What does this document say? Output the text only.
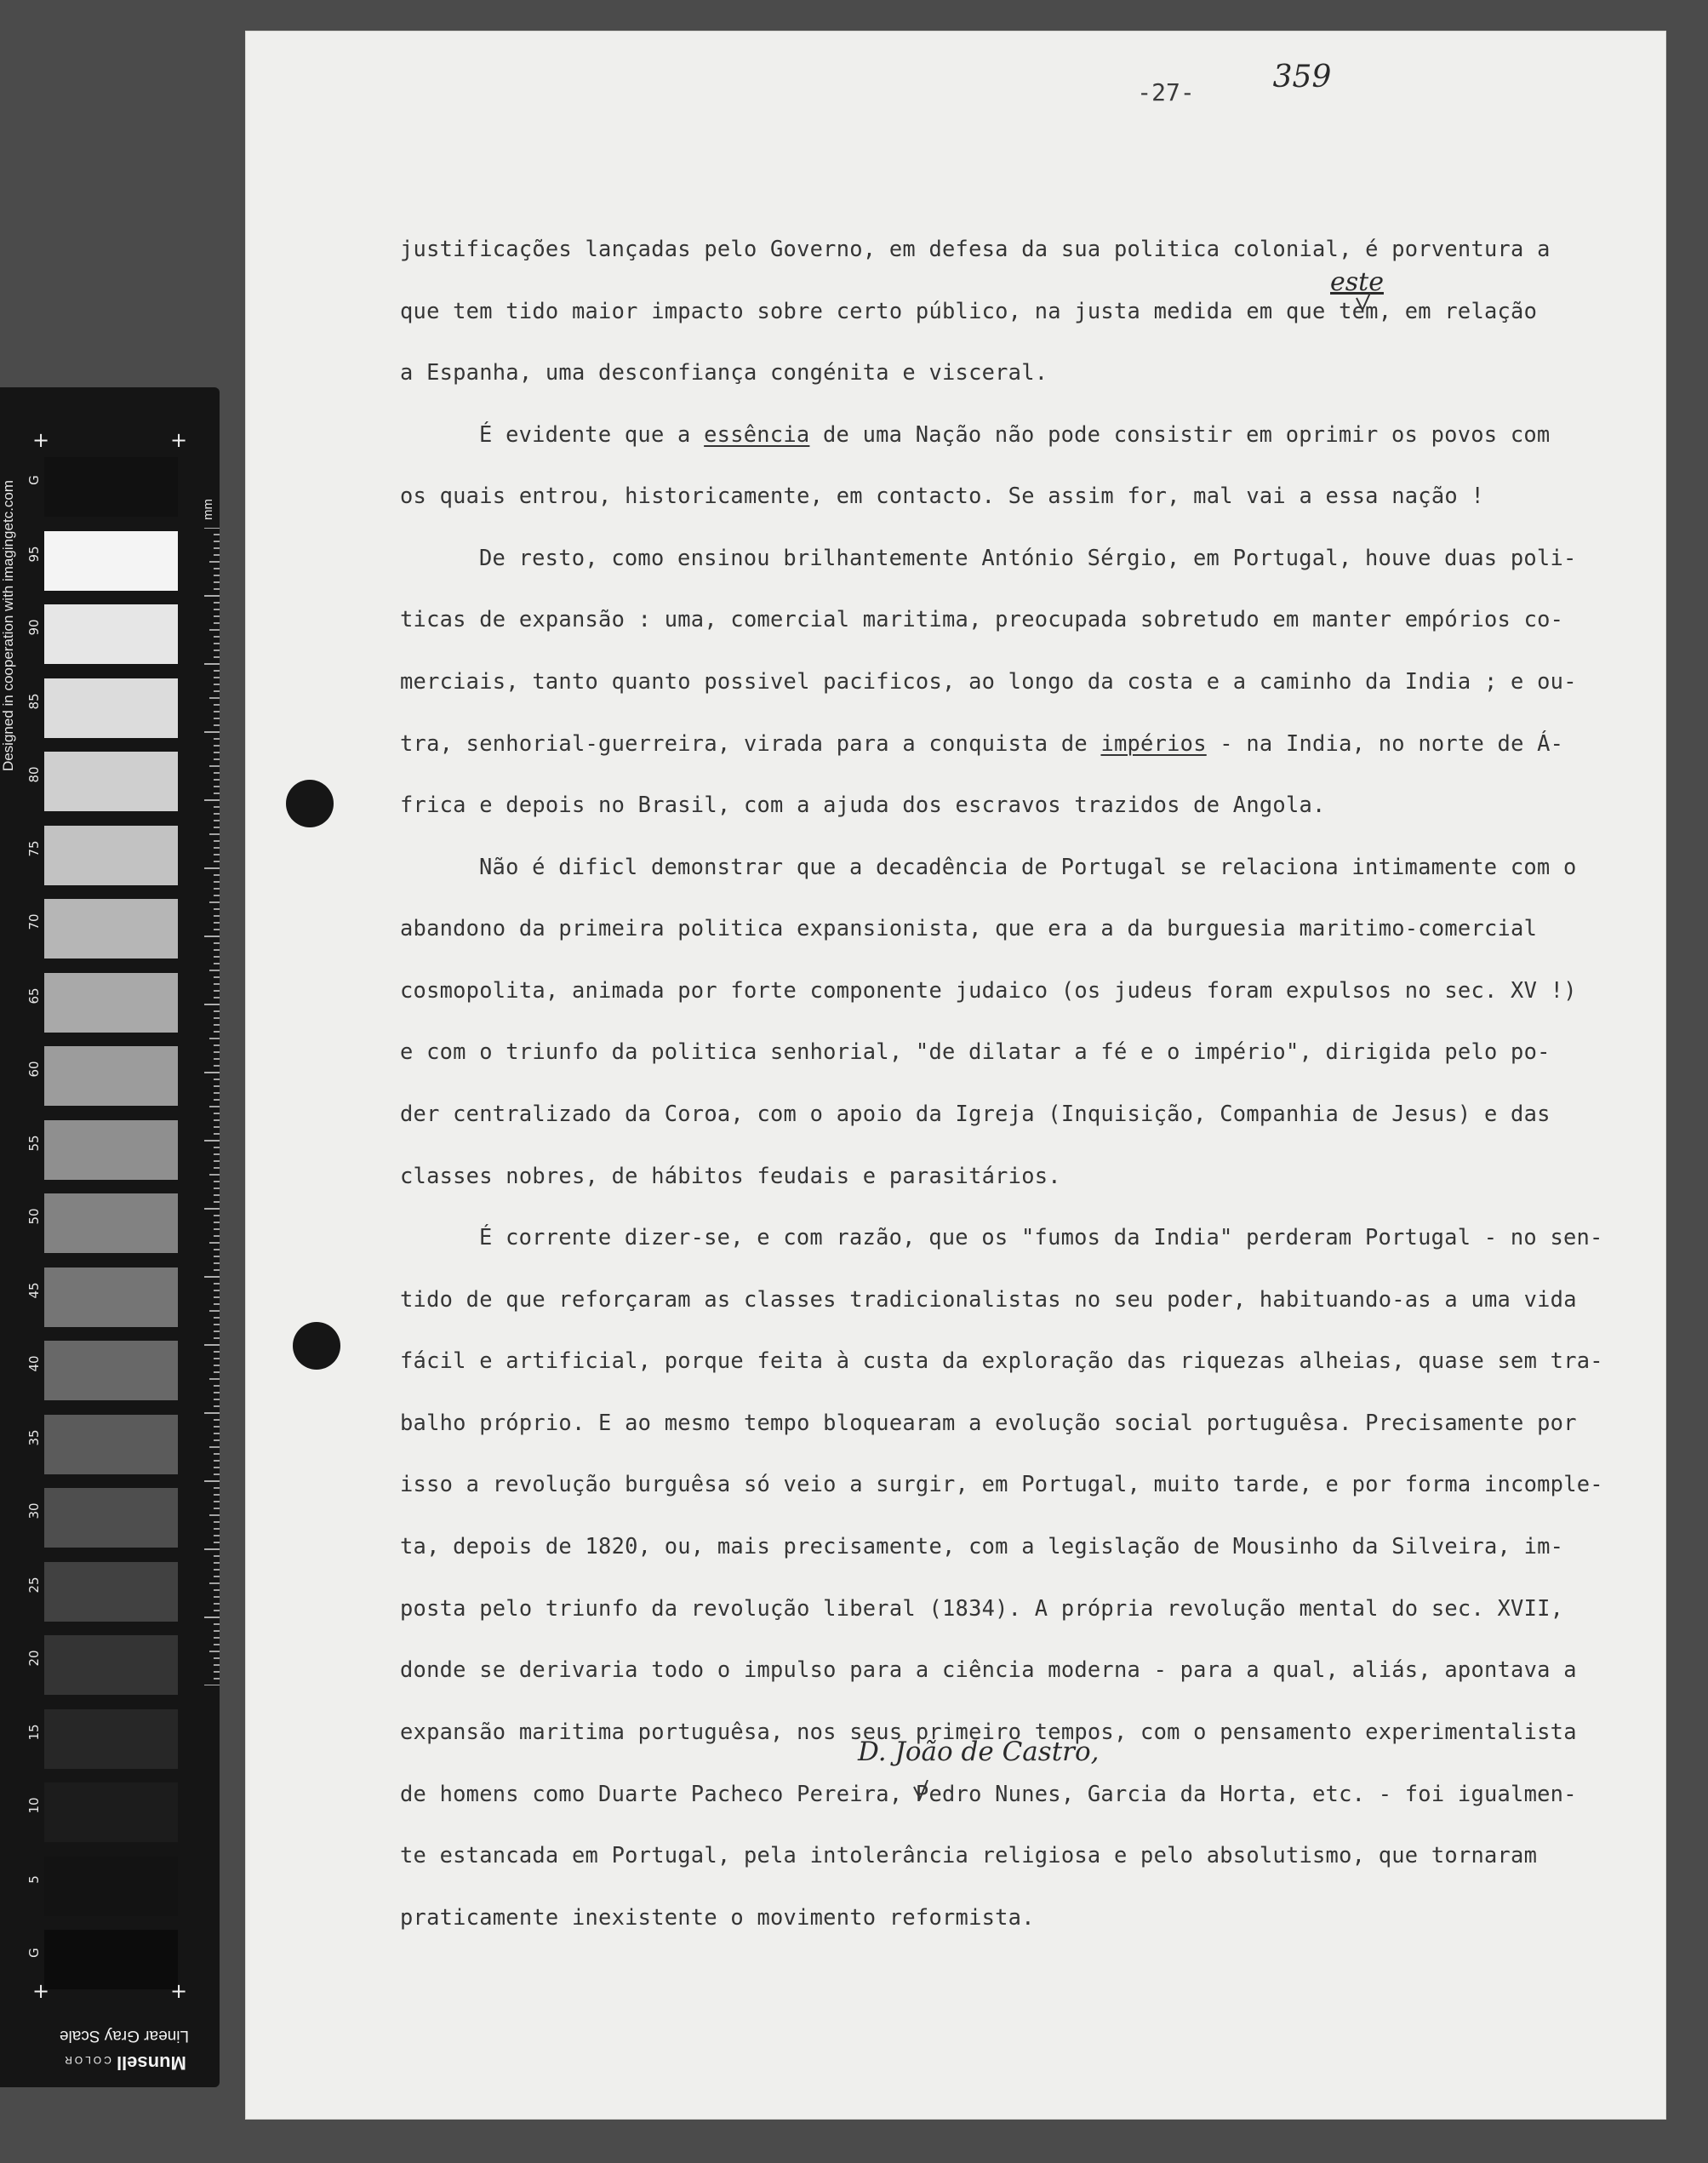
+	+
+	+
Linear Gray Scale
Munsell COLOR
G
95
90
85
80
75
70
65
60
55
50
45
40
35
30
25
20
15
10
5
G
Designed in cooperation with imagingetc.com	mm
-27-	359
justificações lançadas pelo Governo, em defesa da sua politica colonial, é porventura a
que tem tido maior impacto sobre certo público, na justa medida em que tem, em relação
a Espanha, uma desconfiança congénita e visceral.
É evidente que a essência de uma Nação não pode consistir em oprimir os povos com
os quais entrou, historicamente, em contacto. Se assim for, mal vai a essa nação !
De resto, como ensinou brilhantemente António Sérgio, em Portugal, houve duas poli-
ticas de expansão : uma, comercial maritima, preocupada sobretudo em manter empórios co-
merciais, tanto quanto possivel pacificos, ao longo da costa e a caminho da India ; e ou-
tra, senhorial-guerreira, virada para a conquista de impérios - na India, no norte de Á-
frica e depois no Brasil, com a ajuda dos escravos trazidos de Angola.
Não é dificl demonstrar que a decadência de Portugal se relaciona intimamente com o
abandono da primeira politica expansionista, que era a da burguesia maritimo-comercial
cosmopolita, animada por forte componente judaico (os judeus foram expulsos no sec. XV !)
e com o triunfo da politica senhorial, "de dilatar a fé e o império", dirigida pelo po-
der centralizado da Coroa, com o apoio da Igreja (Inquisição, Companhia de Jesus) e das
classes nobres, de hábitos feudais e parasitários.
É corrente dizer-se, e com razão, que os "fumos da India" perderam Portugal - no sen-
tido de que reforçaram as classes tradicionalistas no seu poder, habituando-as a uma vida
fácil e artificial, porque feita à custa da exploração das riquezas alheias, quase sem tra-
balho próprio. E ao mesmo tempo bloquearam a evolução social portuguêsa. Precisamente por
isso a revolução burguêsa só veio a surgir, em Portugal, muito tarde, e por forma incomple-
ta, depois de 1820, ou, mais precisamente, com a legislação de Mousinho da Silveira, im-
posta pelo triunfo da revolução liberal (1834). A própria revolução mental do sec. XVII,
donde se derivaria todo o impulso para a ciência moderna - para a qual, aliás, apontava a
expansão maritima portuguêsa, nos seus primeiro tempos, com o pensamento experimentalista
de homens como Duarte Pacheco Pereira, Pedro Nunes, Garcia da Horta, etc. - foi igualmen-
te estancada em Portugal, pela intolerância religiosa e pelo absolutismo, que tornaram
praticamente inexistente o movimento reformista.
este
D. João de Castro,
